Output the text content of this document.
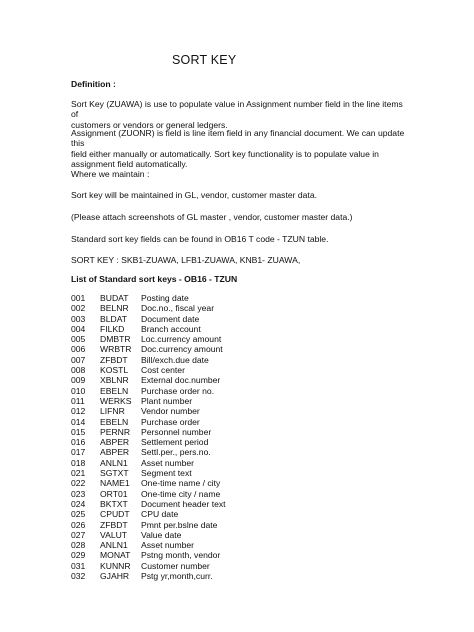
SORT KEY
Definition :
Sort Key (ZUAWA) is use to populate value in Assignment number field in the line items of
customers or vendors or general ledgers.
Assignment (ZUONR) is field is line item field in any financial document. We can update this
field either manually or automatically. Sort key functionality is to populate value in
assignment field automatically.
Where we maintain :
Sort key will be maintained in GL, vendor, customer master data.
(Please attach screenshots of GL master , vendor, customer master data.)
Standard sort key fields can be found in OB16 T code - TZUN table.
SORT KEY : SKB1-ZUAWA, LFB1-ZUAWA, KNB1- ZUAWA,
List of Standard sort keys - OB16 - TZUN
001 BUDAT Posting date
002 BELNR Doc.no., fiscal year
003 BLDAT Document date
004 FILKD Branch account
005 DMBTR Loc.currency amount
006 WRBTR Doc.currency amount
007 ZFBDT Bill/exch.due date
008 KOSTL Cost center
009 XBLNR External doc.number
010 EBELN Purchase order no.
011 WERKS Plant number
012 LIFNR Vendor number
014 EBELN Purchase order
015 PERNR Personnel number
016 ABPER Settlement period
017 ABPER Settl.per., pers.no.
018 ANLN1 Asset number
021 SGTXT Segment text
022 NAME1 One-time name / city
023 ORT01 One-time city / name
024 BKTXT Document header text
025 CPUDT CPU date
026 ZFBDT Pmnt per.bslne date
027 VALUT Value date
028 ANLN1 Asset number
029 MONAT Pstng month, vendor
031 KUNNR Customer number
032 GJAHR Pstg yr,month,curr.
